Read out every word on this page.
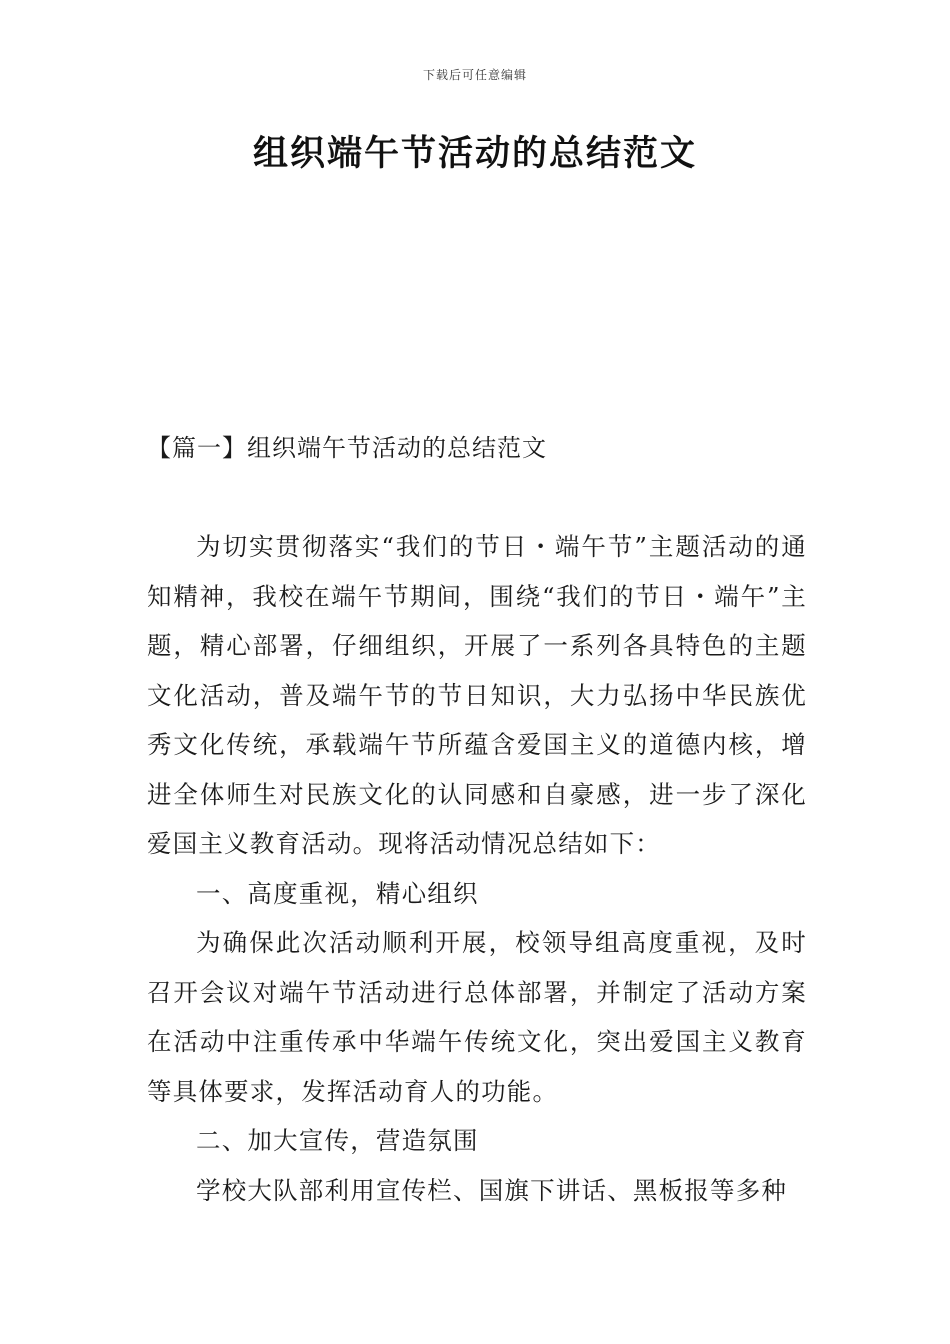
下载后可任意编辑
组织端午节活动的总结范文
【篇一】组织端午节活动的总结范文

为切实贯彻落实“我们的节日・端午节”主题活动的通知精神，我校在端午节期间，围绕“我们的节日・端午”主题，精心部署，仔细组织，开展了一系列各具特色的主题文化活动，普及端午节的节日知识，大力弘扬中华民族优秀文化传统，承载端午节所蕴含爱国主义的道德内核，增进全体师生对民族文化的认同感和自豪感，进一步了深化爱国主义教育活动。现将活动情况总结如下：

一、高度重视，精心组织

为确保此次活动顺利开展，校领导组高度重视，及时召开会议对端午节活动进行总体部署，并制定了活动方案在活动中注重传承中华端午传统文化，突出爱国主义教育等具体要求，发挥活动育人的功能。

二、加大宣传，营造氛围

学校大队部利用宣传栏、国旗下讲话、黑板报等多种
